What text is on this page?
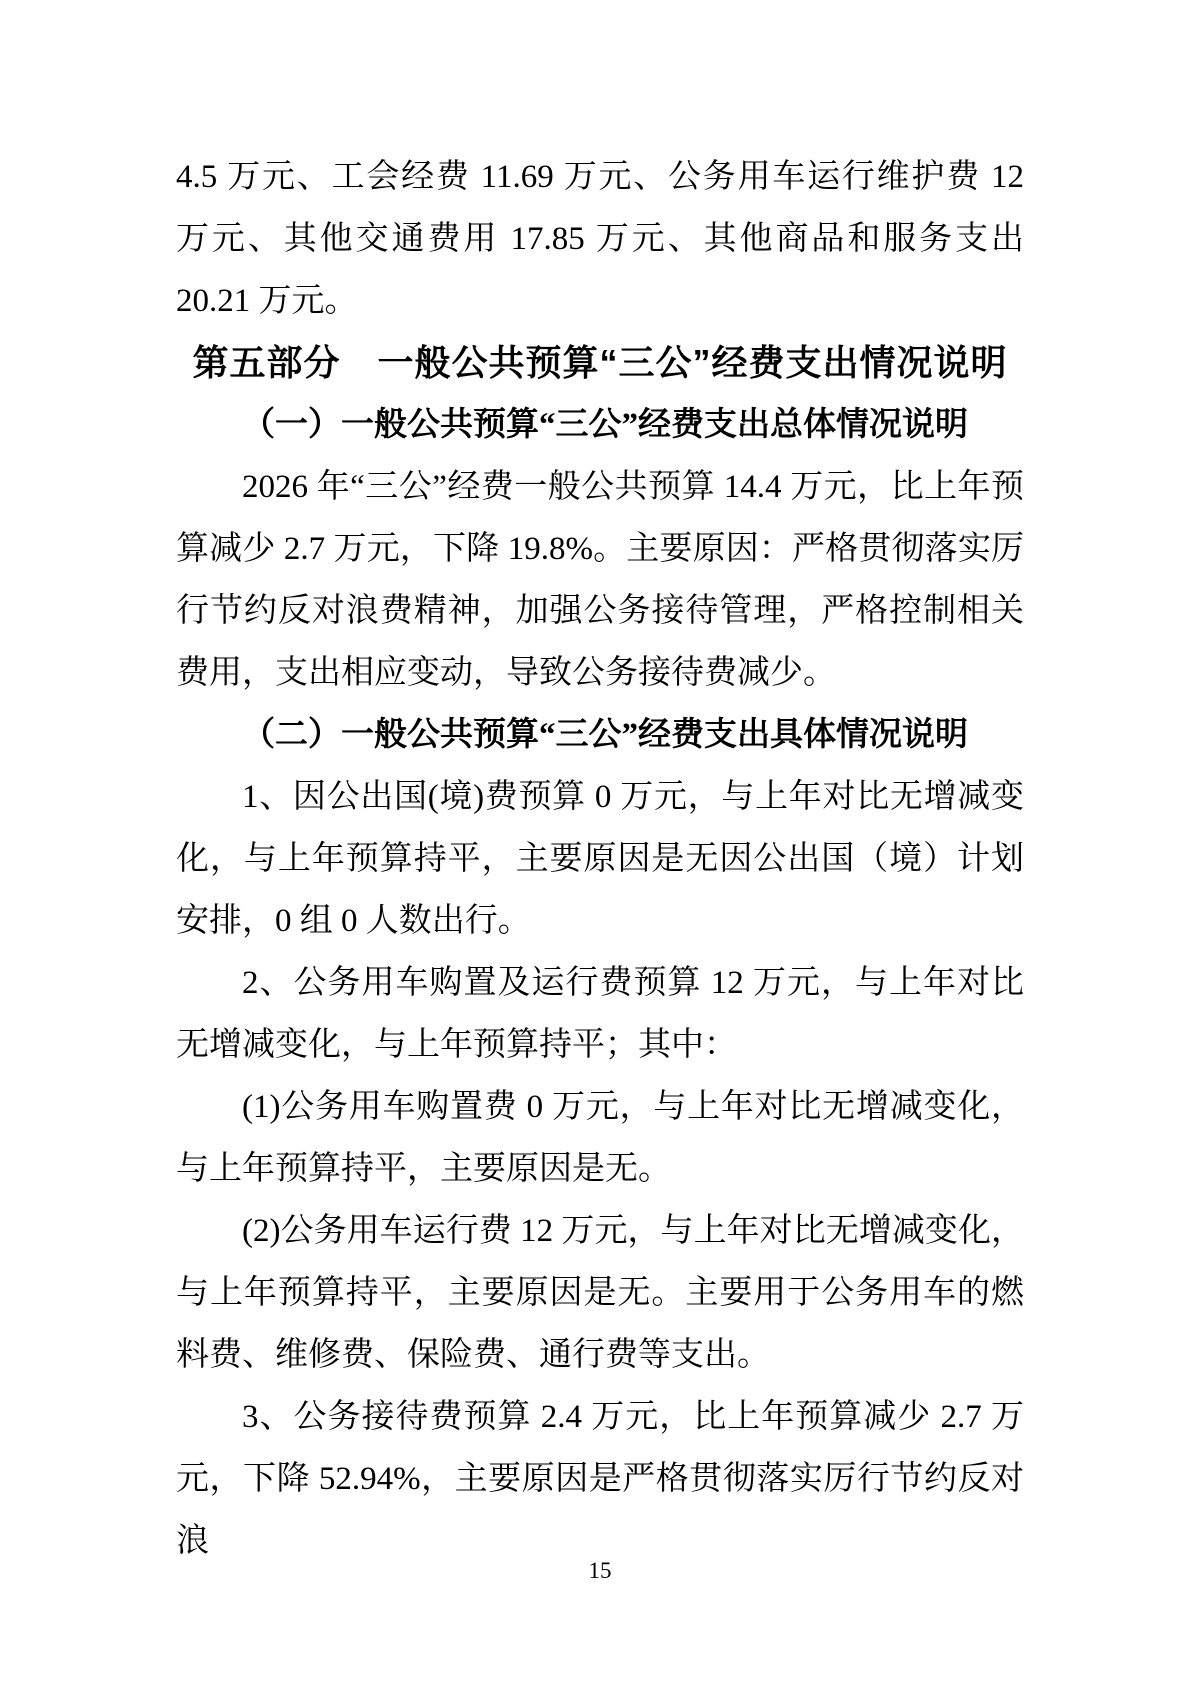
4.5 万元、工会经费 11.69 万元、公务用车运行维护费 12 万元、其他交通费用 17.85 万元、其他商品和服务支出 20.21 万元。

第五部分　一般公共预算“三公”经费支出情况说明
（一）一般公共预算“三公”经费支出总体情况说明

2026 年“三公”经费一般公共预算 14.4 万元，比上年预算减少 2.7 万元，下降 19.8%。主要原因：严格贯彻落实厉行节约反对浪费精神，加强公务接待管理，严格控制相关费用，支出相应变动，导致公务接待费减少。

（二）一般公共预算“三公”经费支出具体情况说明

1、因公出国(境)费预算 0 万元，与上年对比无增减变化，与上年预算持平，主要原因是无因公出国（境）计划安排，0 组 0 人数出行。

2、公务用车购置及运行费预算 12 万元，与上年对比无增减变化，与上年预算持平；其中：

(1)公务用车购置费 0 万元，与上年对比无增减变化，与上年预算持平，主要原因是无。

(2)公务用车运行费 12 万元，与上年对比无增减变化，与上年预算持平，主要原因是无。主要用于公务用车的燃料费、维修费、保险费、通行费等支出。

3、公务接待费预算 2.4 万元，比上年预算减少 2.7 万元，下降 52.94%，主要原因是严格贯彻落实厉行节约反对浪

15
